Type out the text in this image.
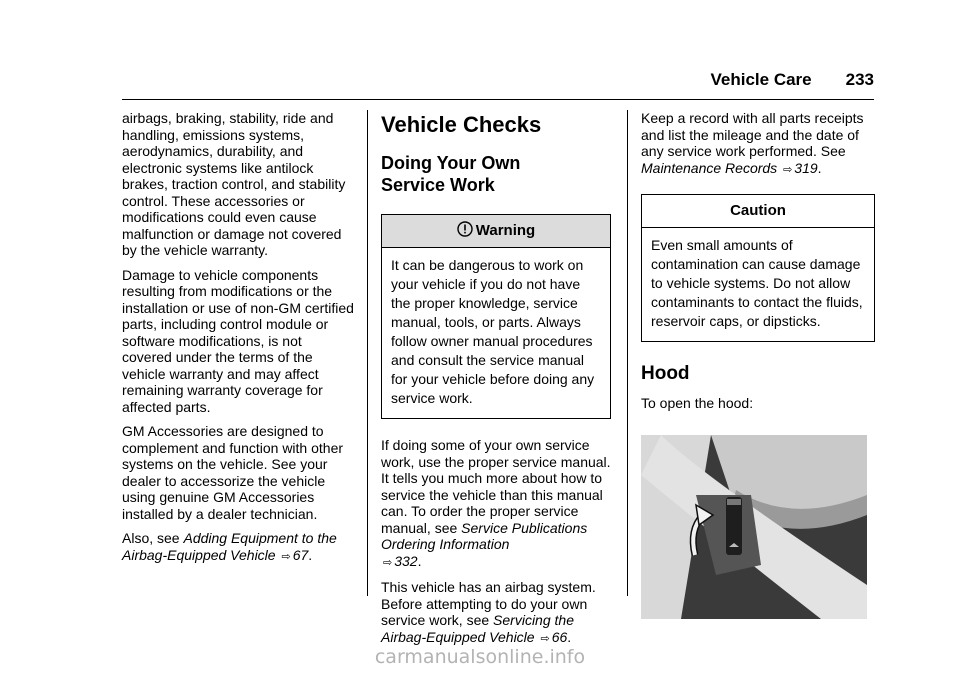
Vehicle Care 233

airbags, braking, stability, ride and handling, emissions systems, aerodynamics, durability, and electronic systems like antilock brakes, traction control, and stability control. These accessories or modifications could even cause malfunction or damage not covered by the vehicle warranty.

Damage to vehicle components resulting from modifications or the installation or use of non-GM certified parts, including control module or software modifications, is not covered under the terms of the vehicle warranty and may affect remaining warranty coverage for affected parts.

GM Accessories are designed to complement and function with other systems on the vehicle. See your dealer to accessorize the vehicle using genuine GM Accessories installed by a dealer technician.

Also, see Adding Equipment to the Airbag-Equipped Vehicle ⇨ 67.

Vehicle Checks
Doing Your Own
Service Work
Warning
It can be dangerous to work on your vehicle if you do not have the proper knowledge, service manual, tools, or parts. Always follow owner manual procedures and consult the service manual for your vehicle before doing any service work.

If doing some of your own service work, use the proper service manual. It tells you much more about how to service the vehicle than this manual can. To order the proper service manual, see Service Publications Ordering Information
⇨ 332.

This vehicle has an airbag system. Before attempting to do your own service work, see Servicing the Airbag-Equipped Vehicle ⇨ 66.

Keep a record with all parts receipts and list the mileage and the date of any service work performed. See Maintenance Records ⇨ 319.

Caution
Even small amounts of contamination can cause damage to vehicle systems. Do not allow contaminants to contact the fluids, reservoir caps, or dipsticks.
Hood

To open the hood:

carmanualsonline.info
